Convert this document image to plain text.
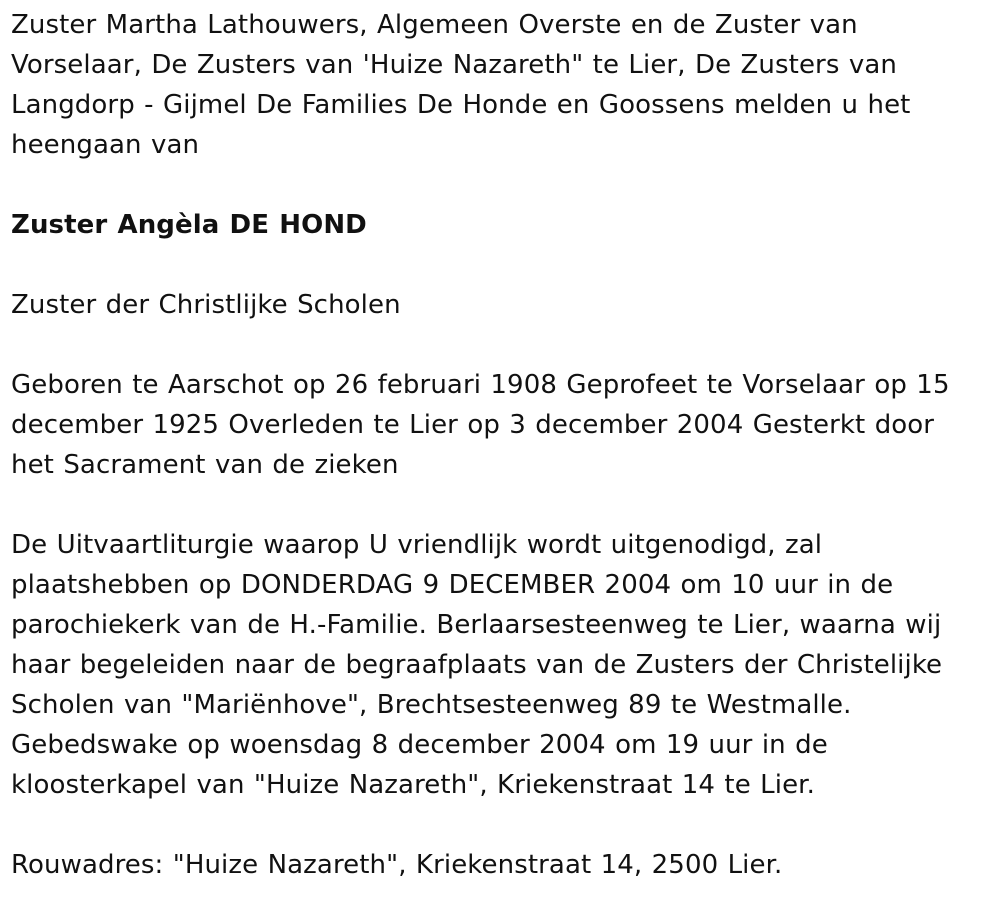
Zuster Martha Lathouwers, Algemeen Overste en de Zuster van Vorselaar, De Zusters van 'Huize Nazareth" te Lier, De Zusters van Langdorp - Gijmel De Families De Honde en Goossens melden u het heengaan van

Zuster Angèla DE HOND

Zuster der Christlijke Scholen

Geboren te Aarschot op 26 februari 1908 Geprofeet te Vorselaar op 15 december 1925 Overleden te Lier op 3 december 2004 Gesterkt door het Sacrament van de zieken

De Uitvaartliturgie waarop U vriendlijk wordt uitgenodigd, zal plaatshebben op DONDERDAG 9 DECEMBER 2004 om 10 uur in de parochiekerk van de H.-Familie. Berlaarsesteenweg te Lier, waarna wij haar begeleiden naar de begraafplaats van de Zusters der Christelijke Scholen van "Mariënhove", Brechtsesteenweg 89 te Westmalle. Gebedswake op woensdag 8 december 2004 om 19 uur in de kloosterkapel van "Huize Nazareth", Kriekenstraat 14 te Lier.

Rouwadres: "Huize Nazareth", Kriekenstraat 14, 2500 Lier.
